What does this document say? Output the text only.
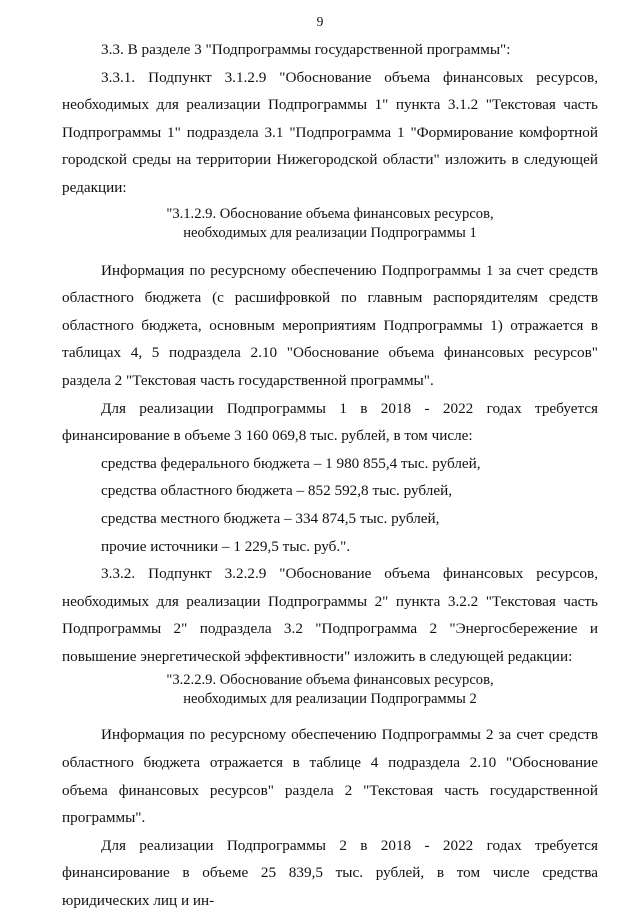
9

3.3. В разделе 3 "Подпрограммы государственной программы":

3.3.1. Подпункт 3.1.2.9 "Обоснование объема финансовых ресурсов, необходимых для реализации Подпрограммы 1" пункта 3.1.2 "Текстовая часть Подпрограммы 1" подраздела 3.1 "Подпрограмма 1 "Формирование комфортной городской среды на территории Нижегородской области" изложить в следующей редакции:

"3.1.2.9. Обоснование объема финансовых ресурсов,
необходимых для реализации Подпрограммы 1

Информация по ресурсному обеспечению Подпрограммы 1 за счет средств областного бюджета (с расшифровкой по главным распорядителям средств областного бюджета, основным мероприятиям Подпрограммы 1) отражается в таблицах 4, 5 подраздела 2.10 "Обоснование объема финансовых ресурсов" раздела 2 "Текстовая часть государственной программы".

Для реализации Подпрограммы 1 в 2018 - 2022 годах требуется финансирование в объеме 3 160 069,8 тыс. рублей, в том числе:

средства федерального бюджета – 1 980 855,4 тыс. рублей,

средства областного бюджета – 852 592,8 тыс. рублей,

средства местного бюджета – 334 874,5 тыс. рублей,

прочие источники – 1 229,5 тыс. руб.".

3.3.2. Подпункт 3.2.2.9 "Обоснование объема финансовых ресурсов, необходимых для реализации Подпрограммы 2" пункта 3.2.2 "Текстовая часть Подпрограммы 2" подраздела 3.2 "Подпрограмма 2 "Энергосбережение и повышение энергетической эффективности" изложить в следующей редакции:

"3.2.2.9. Обоснование объема финансовых ресурсов,
необходимых для реализации Подпрограммы 2

Информация по ресурсному обеспечению Подпрограммы 2 за счет средств областного бюджета отражается в таблице 4 подраздела 2.10 "Обоснование объема финансовых ресурсов" раздела 2 "Текстовая часть государственной программы".

Для реализации Подпрограммы 2 в 2018 - 2022 годах требуется финансирование в объеме 25 839,5 тыс. рублей, в том числе средства юридических лиц и ин-
